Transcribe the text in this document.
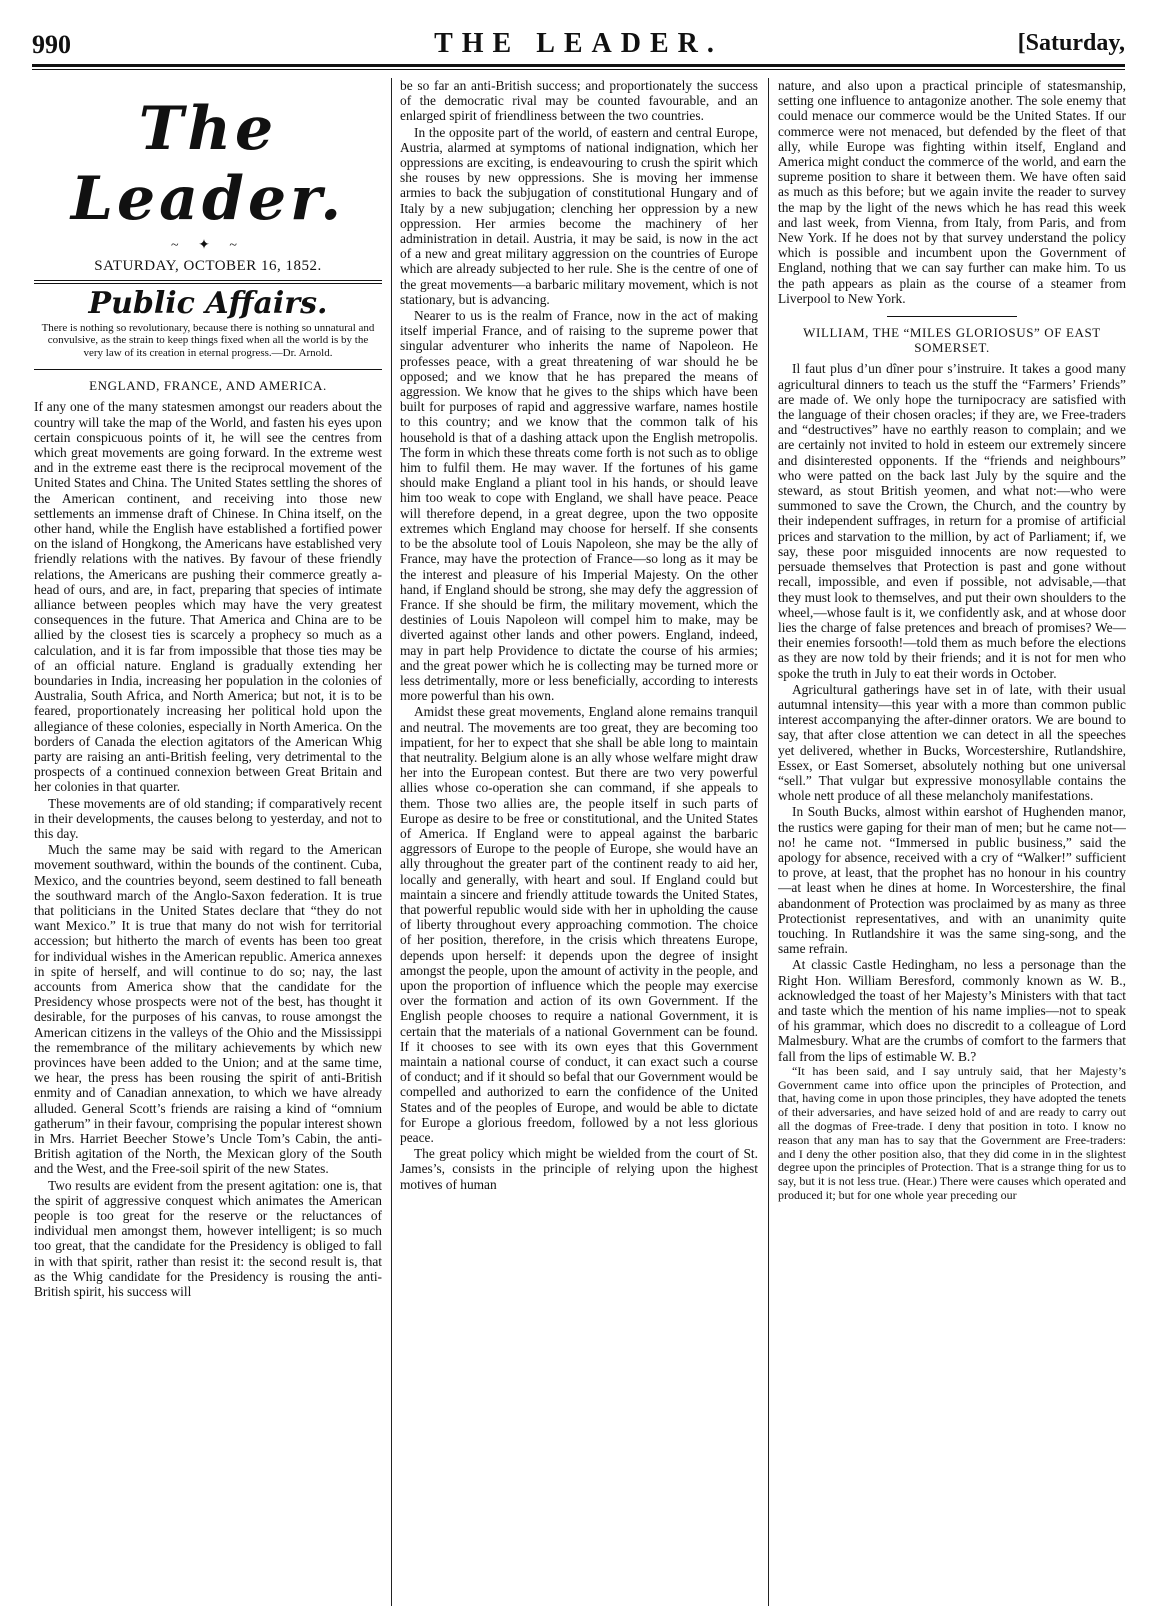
990	THE LEADER.	[Saturday,
The Leader.
~ ✦ ~
SATURDAY, OCTOBER 16, 1852.
Public Affairs.
There is nothing so revolutionary, because there is nothing so unnatural and convulsive, as the strain to keep things fixed when all the world is by the very law of its creation in eternal progress.—Dr. Arnold.
ENGLAND, FRANCE, AND AMERICA.

If any one of the many statesmen amongst our readers about the country will take the map of the World, and fasten his eyes upon certain conspicuous points of it, he will see the centres from which great movements are going forward. In the extreme west and in the extreme east there is the reciprocal movement of the United States and China. The United States settling the shores of the American continent, and receiving into those new settlements an immense draft of Chinese. In China itself, on the other hand, while the English have established a fortified power on the island of Hongkong, the Americans have established very friendly relations with the natives. By favour of these friendly relations, the Americans are pushing their commerce greatly a-head of ours, and are, in fact, preparing that species of intimate alliance between peoples which may have the very greatest consequences in the future. That America and China are to be allied by the closest ties is scarcely a prophecy so much as a calculation, and it is far from impossible that those ties may be of an official nature. England is gradually extending her boundaries in India, increasing her population in the colonies of Australia, South Africa, and North America; but not, it is to be feared, proportionately increasing her political hold upon the allegiance of these colonies, especially in North America. On the borders of Canada the election agitators of the American Whig party are raising an anti-British feeling, very detrimental to the prospects of a continued connexion between Great Britain and her colonies in that quarter.

These movements are of old standing; if comparatively recent in their developments, the causes belong to yesterday, and not to this day.

Much the same may be said with regard to the American movement southward, within the bounds of the continent. Cuba, Mexico, and the countries beyond, seem destined to fall beneath the southward march of the Anglo-Saxon federation. It is true that politicians in the United States declare that “they do not want Mexico.” It is true that many do not wish for territorial accession; but hitherto the march of events has been too great for individual wishes in the American republic. America annexes in spite of herself, and will continue to do so; nay, the last accounts from America show that the candidate for the Presidency whose prospects were not of the best, has thought it desirable, for the purposes of his canvas, to rouse amongst the American citizens in the valleys of the Ohio and the Mississippi the remembrance of the military achievements by which new provinces have been added to the Union; and at the same time, we hear, the press has been rousing the spirit of anti-British enmity and of Canadian annexation, to which we have already alluded. General Scott’s friends are raising a kind of “omnium gatherum” in their favour, comprising the popular interest shown in Mrs. Harriet Beecher Stowe’s Uncle Tom’s Cabin, the anti-British agitation of the North, the Mexican glory of the South and the West, and the Free-soil spirit of the new States.

Two results are evident from the present agitation: one is, that the spirit of aggressive conquest which animates the American people is too great for the reserve or the reluctances of individual men amongst them, however intelligent; is so much too great, that the candidate for the Presidency is obliged to fall in with that spirit, rather than resist it: the second result is, that as the Whig candidate for the Presidency is rousing the anti-British spirit, his success will

be so far an anti-British success; and proportionately the success of the democratic rival may be counted favourable, and an enlarged spirit of friendliness between the two countries.

In the opposite part of the world, of eastern and central Europe, Austria, alarmed at symptoms of national indignation, which her oppressions are exciting, is endeavouring to crush the spirit which she rouses by new oppressions. She is moving her immense armies to back the subjugation of constitutional Hungary and of Italy by a new subjugation; clenching her oppression by a new oppression. Her armies become the machinery of her administration in detail. Austria, it may be said, is now in the act of a new and great military aggression on the countries of Europe which are already subjected to her rule. She is the centre of one of the great movements—a barbaric military movement, which is not stationary, but is advancing.

Nearer to us is the realm of France, now in the act of making itself imperial France, and of raising to the supreme power that singular adventurer who inherits the name of Napoleon. He professes peace, with a great threatening of war should he be opposed; and we know that he has prepared the means of aggression. We know that he gives to the ships which have been built for purposes of rapid and aggressive warfare, names hostile to this country; and we know that the common talk of his household is that of a dashing attack upon the English metropolis. The form in which these threats come forth is not such as to oblige him to fulfil them. He may waver. If the fortunes of his game should make England a pliant tool in his hands, or should leave him too weak to cope with England, we shall have peace. Peace will therefore depend, in a great degree, upon the two opposite extremes which England may choose for herself. If she consents to be the absolute tool of Louis Napoleon, she may be the ally of France, may have the protection of France—so long as it may be the interest and pleasure of his Imperial Majesty. On the other hand, if England should be strong, she may defy the aggression of France. If she should be firm, the military movement, which the destinies of Louis Napoleon will compel him to make, may be diverted against other lands and other powers. England, indeed, may in part help Providence to dictate the course of his armies; and the great power which he is collecting may be turned more or less detrimentally, more or less beneficially, according to interests more powerful than his own.

Amidst these great movements, England alone remains tranquil and neutral. The movements are too great, they are becoming too impatient, for her to expect that she shall be able long to maintain that neutrality. Belgium alone is an ally whose welfare might draw her into the European contest. But there are two very powerful allies whose co-operation she can command, if she appeals to them. Those two allies are, the people itself in such parts of Europe as desire to be free or constitutional, and the United States of America. If England were to appeal against the barbaric aggressors of Europe to the people of Europe, she would have an ally throughout the greater part of the continent ready to aid her, locally and generally, with heart and soul. If England could but maintain a sincere and friendly attitude towards the United States, that powerful republic would side with her in upholding the cause of liberty throughout every approaching commotion. The choice of her position, therefore, in the crisis which threatens Europe, depends upon herself: it depends upon the degree of insight amongst the people, upon the amount of activity in the people, and upon the proportion of influence which the people may exercise over the formation and action of its own Government. If the English people chooses to require a national Government, it is certain that the materials of a national Government can be found. If it chooses to see with its own eyes that this Government maintain a national course of conduct, it can exact such a course of conduct; and if it should so befal that our Government would be compelled and authorized to earn the confidence of the United States and of the peoples of Europe, and would be able to dictate for Europe a glorious freedom, followed by a not less glorious peace.

The great policy which might be wielded from the court of St. James’s, consists in the principle of relying upon the highest motives of human

nature, and also upon a practical principle of statesmanship, setting one influence to antagonize another. The sole enemy that could menace our commerce would be the United States. If our commerce were not menaced, but defended by the fleet of that ally, while Europe was fighting within itself, England and America might conduct the commerce of the world, and earn the supreme position to share it between them. We have often said as much as this before; but we again invite the reader to survey the map by the light of the news which he has read this week and last week, from Vienna, from Italy, from Paris, and from New York. If he does not by that survey understand the policy which is possible and incumbent upon the Government of England, nothing that we can say further can make him. To us the path appears as plain as the course of a steamer from Liverpool to New York.

WILLIAM, THE “MILES GLORIOSUS” OF EAST SOMERSET.

Il faut plus d’un dîner pour s’instruire. It takes a good many agricultural dinners to teach us the stuff the “Farmers’ Friends” are made of. We only hope the turnipocracy are satisfied with the language of their chosen oracles; if they are, we Free-traders and “destructives” have no earthly reason to complain; and we are certainly not invited to hold in esteem our extremely sincere and disinterested opponents. If the “friends and neighbours” who were patted on the back last July by the squire and the steward, as stout British yeomen, and what not:—who were summoned to save the Crown, the Church, and the country by their independent suffrages, in return for a promise of artificial prices and starvation to the million, by act of Parliament; if, we say, these poor misguided innocents are now requested to persuade themselves that Protection is past and gone without recall, impossible, and even if possible, not advisable,—that they must look to themselves, and put their own shoulders to the wheel,—whose fault is it, we confidently ask, and at whose door lies the charge of false pretences and breach of promises? We—their enemies forsooth!—told them as much before the elections as they are now told by their friends; and it is not for men who spoke the truth in July to eat their words in October.

Agricultural gatherings have set in of late, with their usual autumnal intensity—this year with a more than common public interest accompanying the after-dinner orators. We are bound to say, that after close attention we can detect in all the speeches yet delivered, whether in Bucks, Worcestershire, Rutlandshire, Essex, or East Somerset, absolutely nothing but one universal “sell.” That vulgar but expressive monosyllable contains the whole nett produce of all these melancholy manifestations.

In South Bucks, almost within earshot of Hughenden manor, the rustics were gaping for their man of men; but he came not—no! he came not. “Immersed in public business,” said the apology for absence, received with a cry of “Walker!” sufficient to prove, at least, that the prophet has no honour in his country—at least when he dines at home. In Worcestershire, the final abandonment of Protection was proclaimed by as many as three Protectionist representatives, and with an unanimity quite touching. In Rutlandshire it was the same sing-song, and the same refrain.

At classic Castle Hedingham, no less a personage than the Right Hon. William Beresford, commonly known as W. B., acknowledged the toast of her Majesty’s Ministers with that tact and taste which the mention of his name implies—not to speak of his grammar, which does no discredit to a colleague of Lord Malmesbury. What are the crumbs of comfort to the farmers that fall from the lips of estimable W. B.?

“It has been said, and I say untruly said, that her Majesty’s Government came into office upon the principles of Protection, and that, having come in upon those principles, they have adopted the tenets of their adversaries, and have seized hold of and are ready to carry out all the dogmas of Free-trade. I deny that position in toto. I know no reason that any man has to say that the Government are Free-traders: and I deny the other position also, that they did come in in the slightest degree upon the principles of Protection. That is a strange thing for us to say, but it is not less true. (Hear.) There were causes which operated and produced it; but for one whole year preceding our
